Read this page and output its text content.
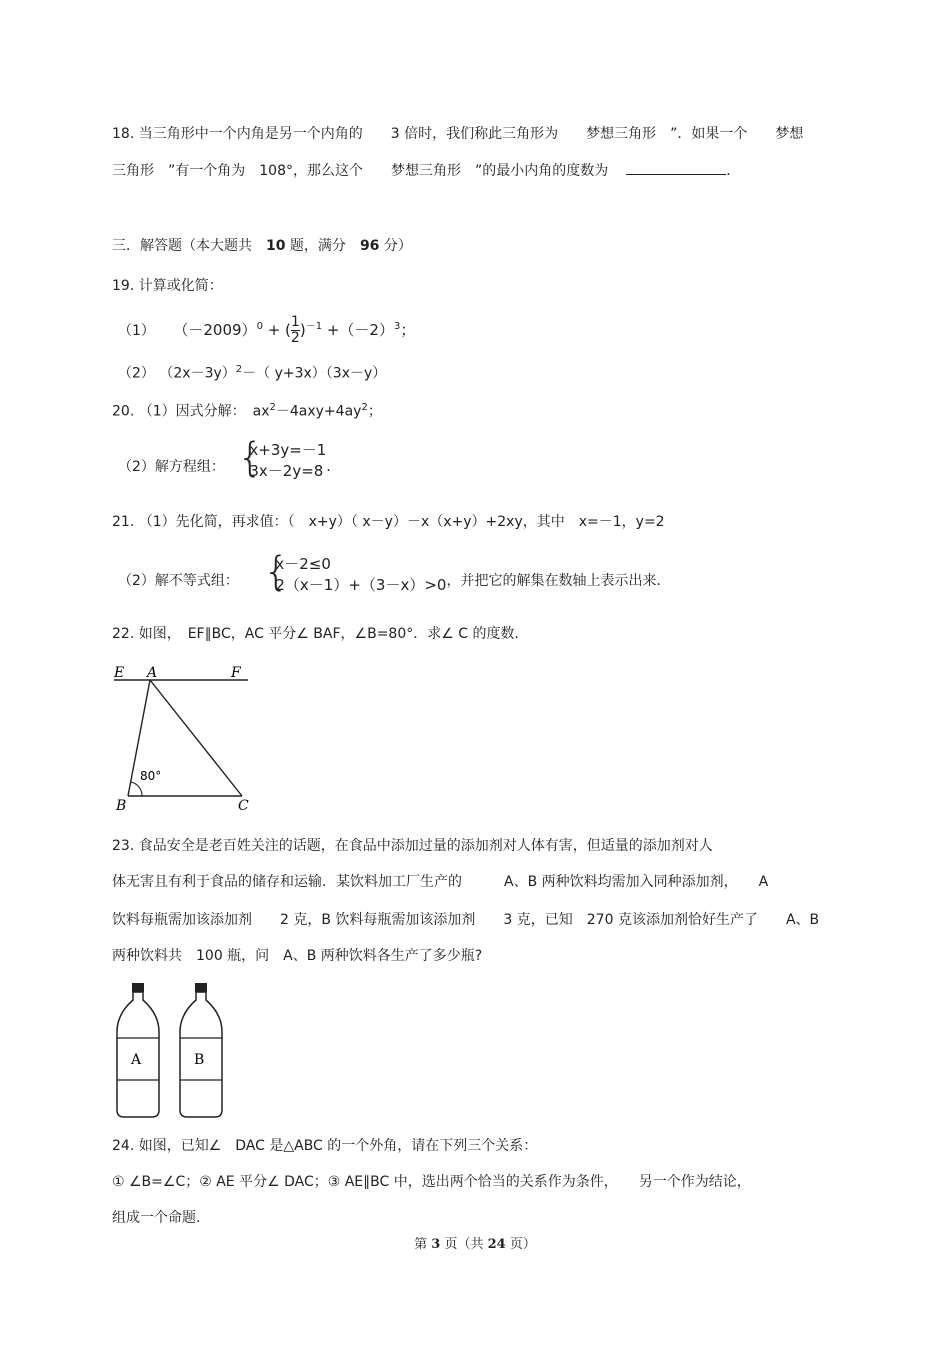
18. 当三角形中一个内角是另一个内角的　　3 倍时，我们称此三角形为　　梦想三角形　”．如果一个　　梦想
三角形　”有一个角为　108°，那么这个　　梦想三角形　”的最小内角的度数为	．
三．解答题（本大题共　10 题，满分　96 分）
19. 计算或化简：
（1） $(-2009)^0$ + ( $\frac{1}{2} )^{-1} +(-2)^3$；
（2） $(2x-3y)^2-$（ y+3x）（3x－y）
20. （1）因式分解：　$ax^2-4axy+4ay^2$；
（2）解方程组： {
x+3y=－1
3x－2y=8 ．
21. （1）先化简，再求值：（　x+y）（ x－y）－x（x+y）+2xy，其中　x=－1，y=2
（2）解不等式组： {
x－2≤0
2（x－1）+（3－x）>0 ，并把它的解集在数轴上表示出来．
22. 如图，　EF∥BC，AC 平分∠ BAF，∠B=80°．求∠ C 的度数．
E A	F
B	C
80°
23. 食品安全是老百姓关注的话题，在食品中添加过量的添加剂对人体有害，但适量的添加剂对人
体无害且有利于食品的储存和运输．某饮料加工厂生产的　　　A、B 两种饮料均需加入同种添加剂，　　A
饮料每瓶需加该添加剂　　2 克，B 饮料每瓶需加该添加剂　　3 克，已知　270 克该添加剂恰好生产了　　A、B
两种饮料共　100 瓶，问　A、B 两种饮料各生产了多少瓶?
A	B
24. 如图，已知∠　DAC 是△ABC 的一个外角，请在下列三个关系：
① ∠B=∠C；② AE 平分∠ DAC；③ AE∥BC 中，选出两个恰当的关系作为条件，　　另一个作为结论，
组成一个命题．
第 3 页（共 24 页）
